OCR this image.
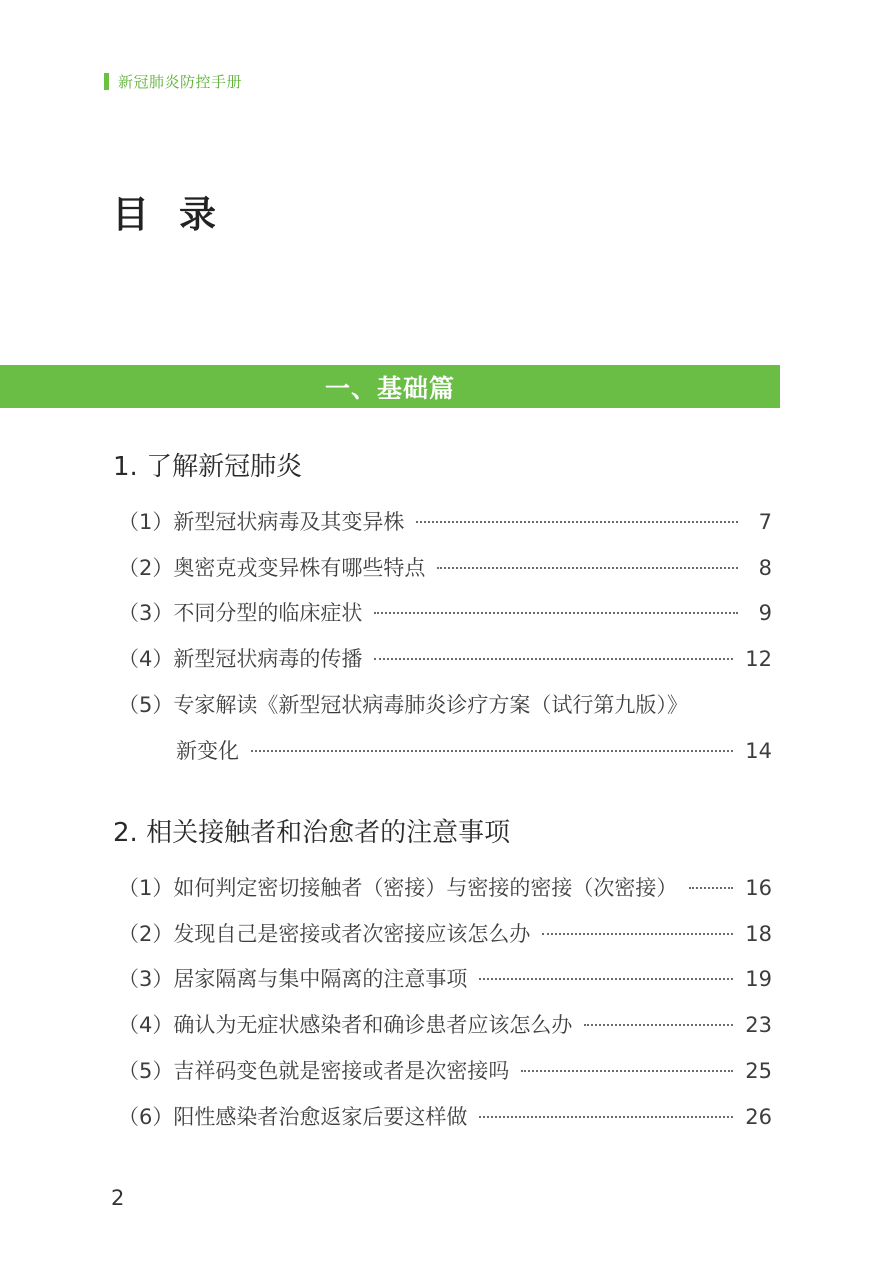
新冠肺炎防控手册
目录
一、基础篇
1. 了解新冠肺炎
（1）新型冠状病毒及其变异株	7
（2）奥密克戎变异株有哪些特点	8
（3）不同分型的临床症状	9
（4）新型冠状病毒的传播	12
（5）专家解读《新型冠状病毒肺炎诊疗方案（试行第九版）》
新变化	14
2. 相关接触者和治愈者的注意事项
（1）如何判定密切接触者（密接）与密接的密接（次密接）	16
（2）发现自己是密接或者次密接应该怎么办	18
（3）居家隔离与集中隔离的注意事项	19
（4）确认为无症状感染者和确诊患者应该怎么办	23
（5）吉祥码变色就是密接或者是次密接吗	25
（6）阳性感染者治愈返家后要这样做	26
2
